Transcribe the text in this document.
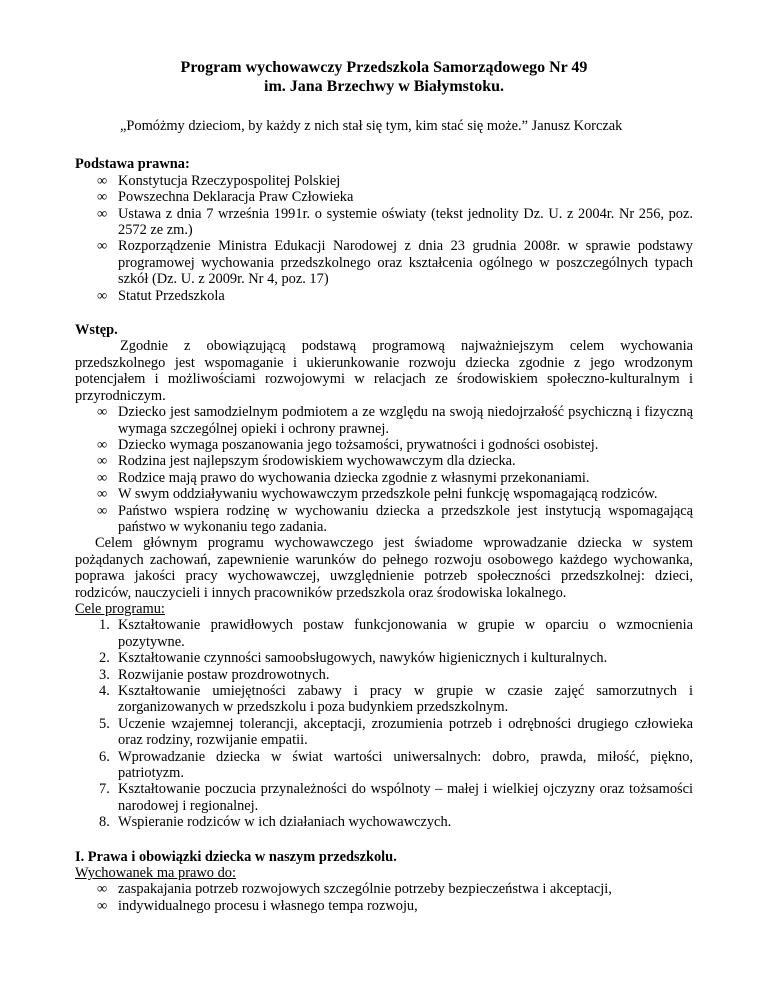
Program wychowawczy Przedszkola Samorządowego Nr 49
im. Jana Brzechwy w Białymstoku.

„Pomóżmy dzieciom, by każdy z nich stał się tym, kim stać się może.” Janusz Korczak
Podstawa prawna:
∞ Konstytucja Rzeczypospolitej Polskiej
∞ Powszechna Deklaracja Praw Człowieka
∞ Ustawa z dnia 7 września 1991r. o systemie oświaty (tekst jednolity Dz. U. z 2004r. Nr 256, poz. 2572 ze zm.)
∞ Rozporządzenie Ministra Edukacji Narodowej z dnia 23 grudnia 2008r. w sprawie podstawy programowej wychowania przedszkolnego oraz kształcenia ogólnego w poszczególnych typach szkół (Dz. U. z 2009r. Nr 4, poz. 17)
∞ Statut Przedszkola
Wstęp.
Zgodnie z obowiązującą podstawą programową najważniejszym celem wychowania przedszkolnego jest wspomaganie i ukierunkowanie rozwoju dziecka zgodnie z jego wrodzonym potencjałem i możliwościami rozwojowymi w relacjach ze środowiskiem społeczno-kulturalnym i przyrodniczym.
∞ Dziecko jest samodzielnym podmiotem a ze względu na swoją niedojrzałość psychiczną i fizyczną wymaga szczególnej opieki i ochrony prawnej.
∞ Dziecko wymaga poszanowania jego tożsamości, prywatności i godności osobistej.
∞ Rodzina jest najlepszym środowiskiem wychowawczym dla dziecka.
∞ Rodzice mają prawo do wychowania dziecka zgodnie z własnymi przekonaniami.
∞ W swym oddziaływaniu wychowawczym przedszkole pełni funkcję wspomagającą rodziców.
∞ Państwo wspiera rodzinę w wychowaniu dziecka a przedszkole jest instytucją wspomagającą państwo w wykonaniu tego zadania.
Celem głównym programu wychowawczego jest świadome wprowadzanie dziecka w system pożądanych zachowań, zapewnienie warunków do pełnego rozwoju osobowego każdego wychowanka, poprawa jakości pracy wychowawczej, uwzględnienie potrzeb społeczności przedszkolnej: dzieci, rodziców, nauczycieli i innych pracowników przedszkola oraz środowiska lokalnego.
Cele programu:
1. Kształtowanie prawidłowych postaw funkcjonowania w grupie w oparciu o wzmocnienia pozytywne.
2. Kształtowanie czynności samoobsługowych, nawyków higienicznych i kulturalnych.
3. Rozwijanie postaw prozdrowotnych.
4. Kształtowanie umiejętności zabawy i pracy w grupie w czasie zajęć samorzutnych i zorganizowanych w przedszkolu i poza budynkiem przedszkolnym.
5. Uczenie wzajemnej tolerancji, akceptacji, zrozumienia potrzeb i odrębności drugiego człowieka oraz rodziny, rozwijanie empatii.
6. Wprowadzanie dziecka w świat wartości uniwersalnych: dobro, prawda, miłość, piękno, patriotyzm.
7. Kształtowanie poczucia przynależności do wspólnoty – małej i wielkiej ojczyzny oraz tożsamości narodowej i regionalnej.
8. Wspieranie rodziców w ich działaniach wychowawczych.
I. Prawa i obowiązki dziecka w naszym przedszkolu.
Wychowanek ma prawo do:
∞ zaspakajania potrzeb rozwojowych szczególnie potrzeby bezpieczeństwa i akceptacji,
∞ indywidualnego procesu i własnego tempa rozwoju,
